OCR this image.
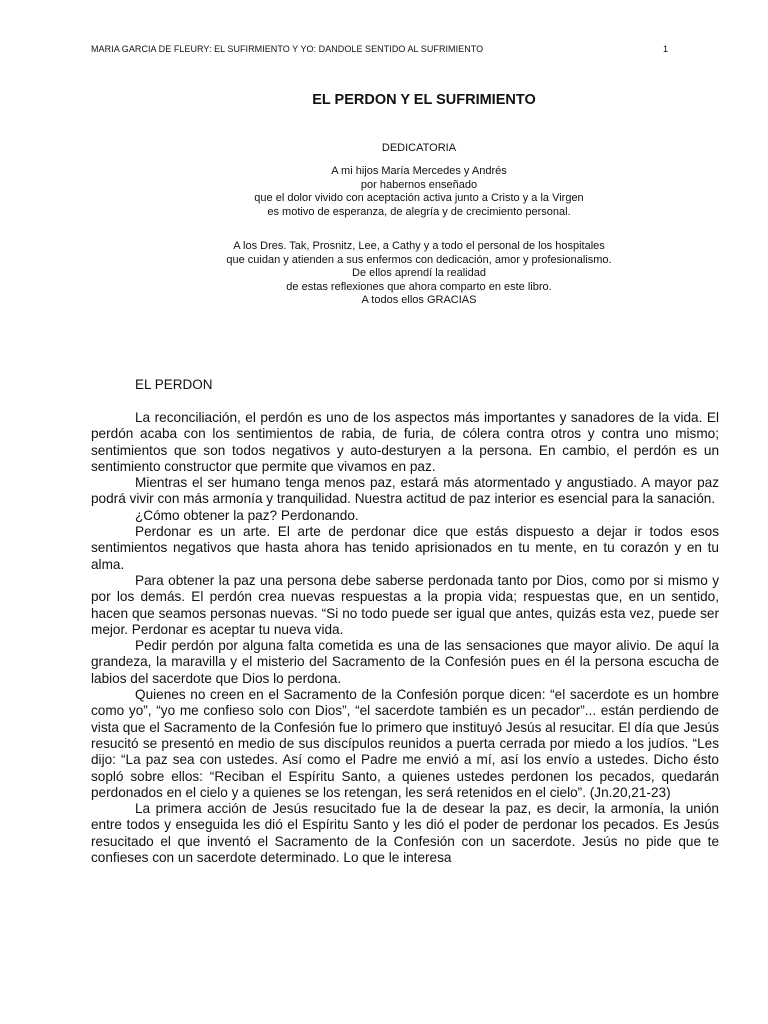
MARIA GARCIA DE FLEURY: EL SUFIRMIENTO Y YO: DANDOLE SENTIDO AL SUFRIMIENTO	1
EL PERDON Y EL SUFRIMIENTO
DEDICATORIA
A mi hijos María Mercedes y Andrés
por habernos enseñado
que el dolor vivido con aceptación activa junto a Cristo y a la Virgen
es motivo de esperanza, de alegría y de crecimiento personal.
A los Dres. Tak, Prosnitz, Lee, a Cathy y a todo el personal de los hospitales
que cuidan y atienden a sus enfermos con dedicación, amor y profesionalismo.
De ellos aprendí la realidad
de estas reflexiones que ahora comparto en este libro.
A todos ellos GRACIAS
EL PERDON

La reconciliación, el perdón es uno de los aspectos más importantes y sanadores de la vida. El perdón acaba con los sentimientos de rabia, de furia, de cólera contra otros y contra uno mismo; sentimientos que son todos negativos y auto-desturyen a la persona. En cambio, el perdón es un sentimiento constructor que permite que vivamos en paz.

Mientras el ser humano tenga menos paz, estará más atormentado y angustiado. A mayor paz podrá vivir con más armonía y tranquilidad. Nuestra actitud de paz interior es esencial para la sanación.

¿Cómo obtener la paz? Perdonando.

Perdonar es un arte. El arte de perdonar dice que estás dispuesto a dejar ir todos esos sentimientos negativos que hasta ahora has tenido aprisionados en tu mente, en tu corazón y en tu alma.

Para obtener la paz una persona debe saberse perdonada tanto por Dios, como por si mismo y por los demás. El perdón crea nuevas respuestas a la propia vida; respuestas que, en un sentido, hacen que seamos personas nuevas. “Si no todo puede ser igual que antes, quizás esta vez, puede ser mejor. Perdonar es aceptar tu nueva vida.

Pedir perdón por alguna falta cometida es una de las sensaciones que mayor alivio. De aquí la grandeza, la maravilla y el misterio del Sacramento de la Confesión pues en él la persona escucha de labios del sacerdote que Dios lo perdona.

Quienes no creen en el Sacramento de la Confesión porque dicen: “el sacerdote es un hombre como yo”, “yo me confieso solo con Dios”, “el sacerdote también es un pecador”... están perdiendo de vista que el Sacramento de la Confesión fue lo primero que instituyó Jesús al resucitar. El día que Jesús resucitó se presentó en medio de sus discípulos reunidos a puerta cerrada por miedo a los judíos. “Les dijo: “La paz sea con ustedes. Así como el Padre me envió a mí, así los envío a ustedes. Dicho ésto sopló sobre ellos: “Reciban el Espíritu Santo, a quienes ustedes perdonen los pecados, quedarán perdonados en el cielo y a quienes se los retengan, les será retenidos en el cielo”. (Jn.20,21-23)

La primera acción de Jesús resucitado fue la de desear la paz, es decir, la armonía, la unión entre todos y enseguida les dió el Espíritu Santo y les dió el poder de perdonar los pecados. Es Jesús resucitado el que inventó el Sacramento de la Confesión con un sacerdote. Jesús no pide que te confieses con un sacerdote determinado. Lo que le interesa
